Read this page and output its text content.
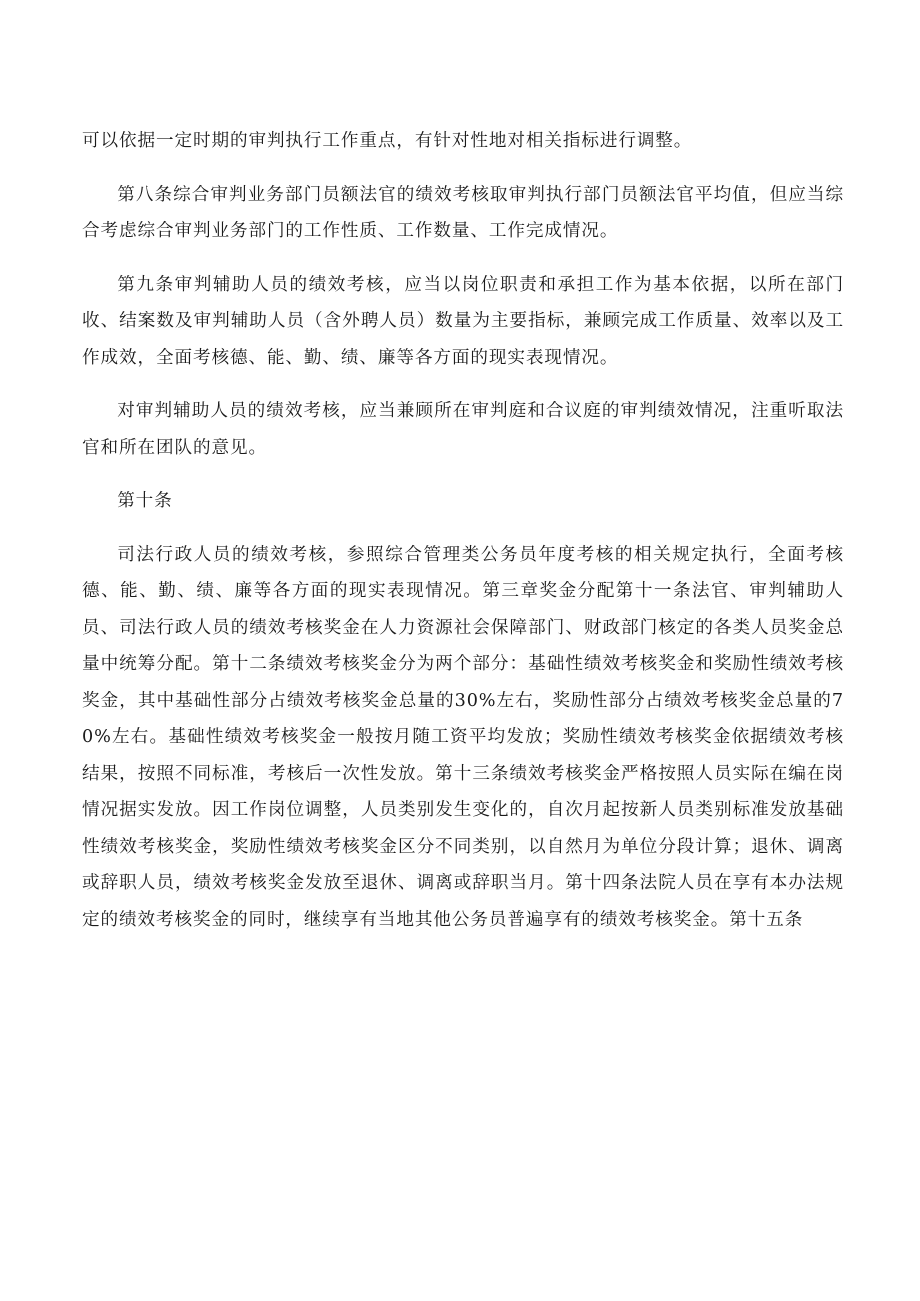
可以依据一定时期的审判执行工作重点，有针对性地对相关指标进行调整。

第八条综合审判业务部门员额法官的绩效考核取审判执行部门员额法官平均值，但应当综合考虑综合审判业务部门的工作性质、工作数量、工作完成情况。

第九条审判辅助人员的绩效考核，应当以岗位职责和承担工作为基本依据，以所在部门收、结案数及审判辅助人员（含外聘人员）数量为主要指标，兼顾完成工作质量、效率以及工作成效，全面考核德、能、勤、绩、廉等各方面的现实表现情况。

对审判辅助人员的绩效考核，应当兼顾所在审判庭和合议庭的审判绩效情况，注重听取法官和所在团队的意见。

第十条

司法行政人员的绩效考核，参照综合管理类公务员年度考核的相关规定执行，全面考核德、能、勤、绩、廉等各方面的现实表现情况。第三章奖金分配第十一条法官、审判辅助人员、司法行政人员的绩效考核奖金在人力资源社会保障部门、财政部门核定的各类人员奖金总量中统筹分配。第十二条绩效考核奖金分为两个部分：基础性绩效考核奖金和奖励性绩效考核奖金，其中基础性部分占绩效考核奖金总量的30%左右，奖励性部分占绩效考核奖金总量的70%左右。基础性绩效考核奖金一般按月随工资平均发放；奖励性绩效考核奖金依据绩效考核结果，按照不同标准，考核后一次性发放。第十三条绩效考核奖金严格按照人员实际在编在岗情况据实发放。因工作岗位调整，人员类别发生变化的，自次月起按新人员类别标准发放基础性绩效考核奖金，奖励性绩效考核奖金区分不同类别，以自然月为单位分段计算；退休、调离或辞职人员，绩效考核奖金发放至退休、调离或辞职当月。第十四条法院人员在享有本办法规定的绩效考核奖金的同时，继续享有当地其他公务员普遍享有的绩效考核奖金。第十五条
